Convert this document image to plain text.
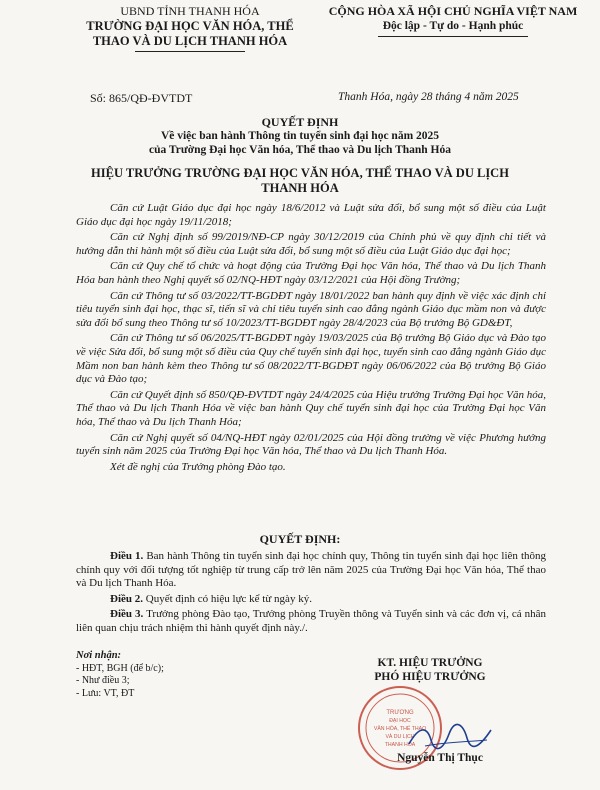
UBND TỈNH THANH HÓA
TRƯỜNG ĐẠI HỌC VĂN HÓA, THỂ
THAO VÀ DU LỊCH THANH HÓA
CỘNG HÒA XÃ HỘI CHỦ NGHĨA VIỆT NAM
Độc lập - Tự do - Hạnh phúc
Số: 865/QĐ-ĐVTDT	Thanh Hóa, ngày 28 tháng 4 năm 2025
QUYẾT ĐỊNH
Về việc ban hành Thông tin tuyển sinh đại học năm 2025
của Trường Đại học Văn hóa, Thể thao và Du lịch Thanh Hóa
HIỆU TRƯỞNG TRƯỜNG ĐẠI HỌC VĂN HÓA, THỂ THAO VÀ DU LỊCH
THANH HÓA

Căn cứ Luật Giáo dục đại học ngày 18/6/2012 và Luật sửa đổi, bổ sung một số điều của Luật Giáo dục đại học ngày 19/11/2018;

Căn cứ Nghị định số 99/2019/NĐ-CP ngày 30/12/2019 của Chính phủ về quy định chi tiết và hướng dẫn thi hành một số điều của Luật sửa đổi, bổ sung một số điều của Luật Giáo dục đại học;

Căn cứ Quy chế tổ chức và hoạt động của Trường Đại học Văn hóa, Thể thao và Du lịch Thanh Hóa ban hành theo Nghị quyết số 02/NQ-HĐT ngày 03/12/2021 của Hội đồng Trường;

Căn cứ Thông tư số 03/2022/TT-BGDĐT ngày 18/01/2022 ban hành quy định về việc xác định chỉ tiêu tuyển sinh đại học, thạc sĩ, tiến sĩ và chỉ tiêu tuyển sinh cao đẳng ngành Giáo dục mầm non và được sửa đổi bổ sung theo Thông tư số 10/2023/TT-BGDĐT ngày 28/4/2023 của Bộ trưởng Bộ GD&ĐT,

Căn cứ Thông tư số 06/2025/TT-BGDĐT ngày 19/03/2025 của Bộ trưởng Bộ Giáo dục và Đào tạo về việc Sửa đổi, bổ sung một số điều của Quy chế tuyển sinh đại học, tuyển sinh cao đẳng ngành Giáo dục Mầm non ban hành kèm theo Thông tư số 08/2022/TT-BGDĐT ngày 06/06/2022 của Bộ trưởng Bộ Giáo dục và Đào tạo;

Căn cứ Quyết định số 850/QĐ-ĐVTDT ngày 24/4/2025 của Hiệu trưởng Trường Đại học Văn hóa, Thể thao và Du lịch Thanh Hóa về việc ban hành Quy chế tuyển sinh đại học của Trường Đại học Văn hóa, Thể thao và Du lịch Thanh Hóa;

Căn cứ Nghị quyết số 04/NQ-HĐT ngày 02/01/2025 của Hội đồng trường về việc Phương hướng tuyển sinh năm 2025 của Trường Đại học Văn hóa, Thể thao và Du lịch Thanh Hóa.

Xét đề nghị của Trưởng phòng Đào tạo.

QUYẾT ĐỊNH:

Điều 1. Ban hành Thông tin tuyển sinh đại học chính quy, Thông tin tuyển sinh đại học liên thông chính quy với đối tượng tốt nghiệp từ trung cấp trở lên năm 2025 của Trường Đại học Văn hóa, Thể thao và Du lịch Thanh Hóa.

Điều 2. Quyết định có hiệu lực kể từ ngày ký.

Điều 3. Trưởng phòng Đào tạo, Trưởng phòng Truyền thông và Tuyển sinh và các đơn vị, cá nhân liên quan chịu trách nhiệm thi hành quyết định này./.

Nơi nhận:
- HĐT, BGH (để b/c);
- Như điều 3;
- Lưu: VT, ĐT
KT. HIỆU TRƯỞNG
PHÓ HIỆU TRƯỞNG
TRƯỜNG
ĐẠI HỌC
VĂN HÓA, THỂ THAO
VÀ DU LỊCH
THANH HÓA
Nguyễn Thị Thục
